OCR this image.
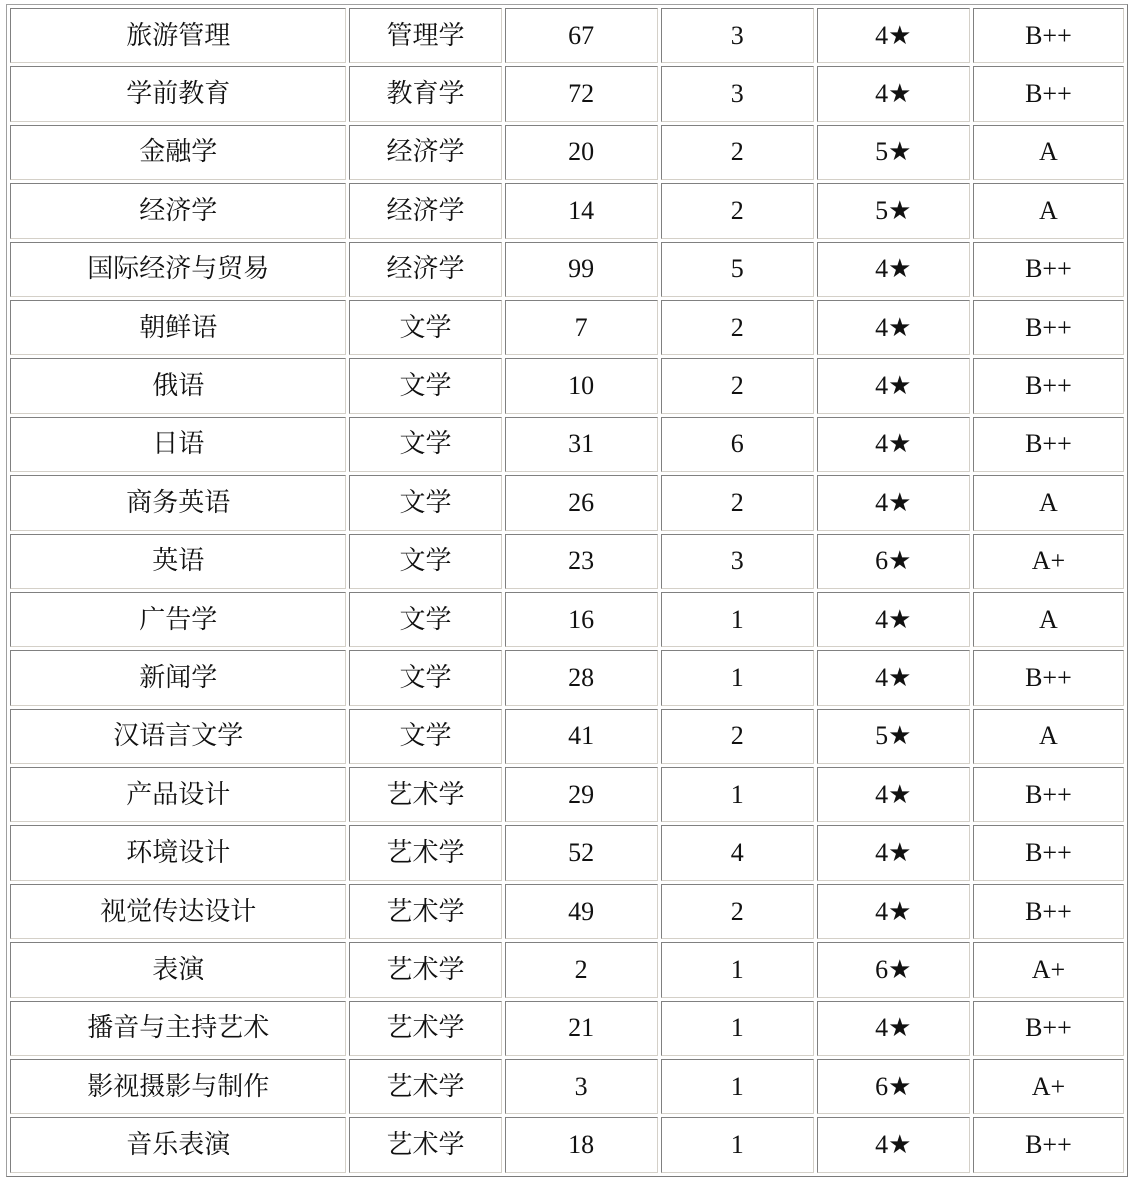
旅游管理	管理学	67	3	4★	B++
学前教育	教育学	72	3	4★	B++
金融学	经济学	20	2	5★	A
经济学	经济学	14	2	5★	A
国际经济与贸易	经济学	99	5	4★	B++
朝鲜语	文学	7	2	4★	B++
俄语	文学	10	2	4★	B++
日语	文学	31	6	4★	B++
商务英语	文学	26	2	4★	A
英语	文学	23	3	6★	A+
广告学	文学	16	1	4★	A
新闻学	文学	28	1	4★	B++
汉语言文学	文学	41	2	5★	A
产品设计	艺术学	29	1	4★	B++
环境设计	艺术学	52	4	4★	B++
视觉传达设计	艺术学	49	2	4★	B++
表演	艺术学	2	1	6★	A+
播音与主持艺术	艺术学	21	1	4★	B++
影视摄影与制作	艺术学	3	1	6★	A+
音乐表演	艺术学	18	1	4★	B++
